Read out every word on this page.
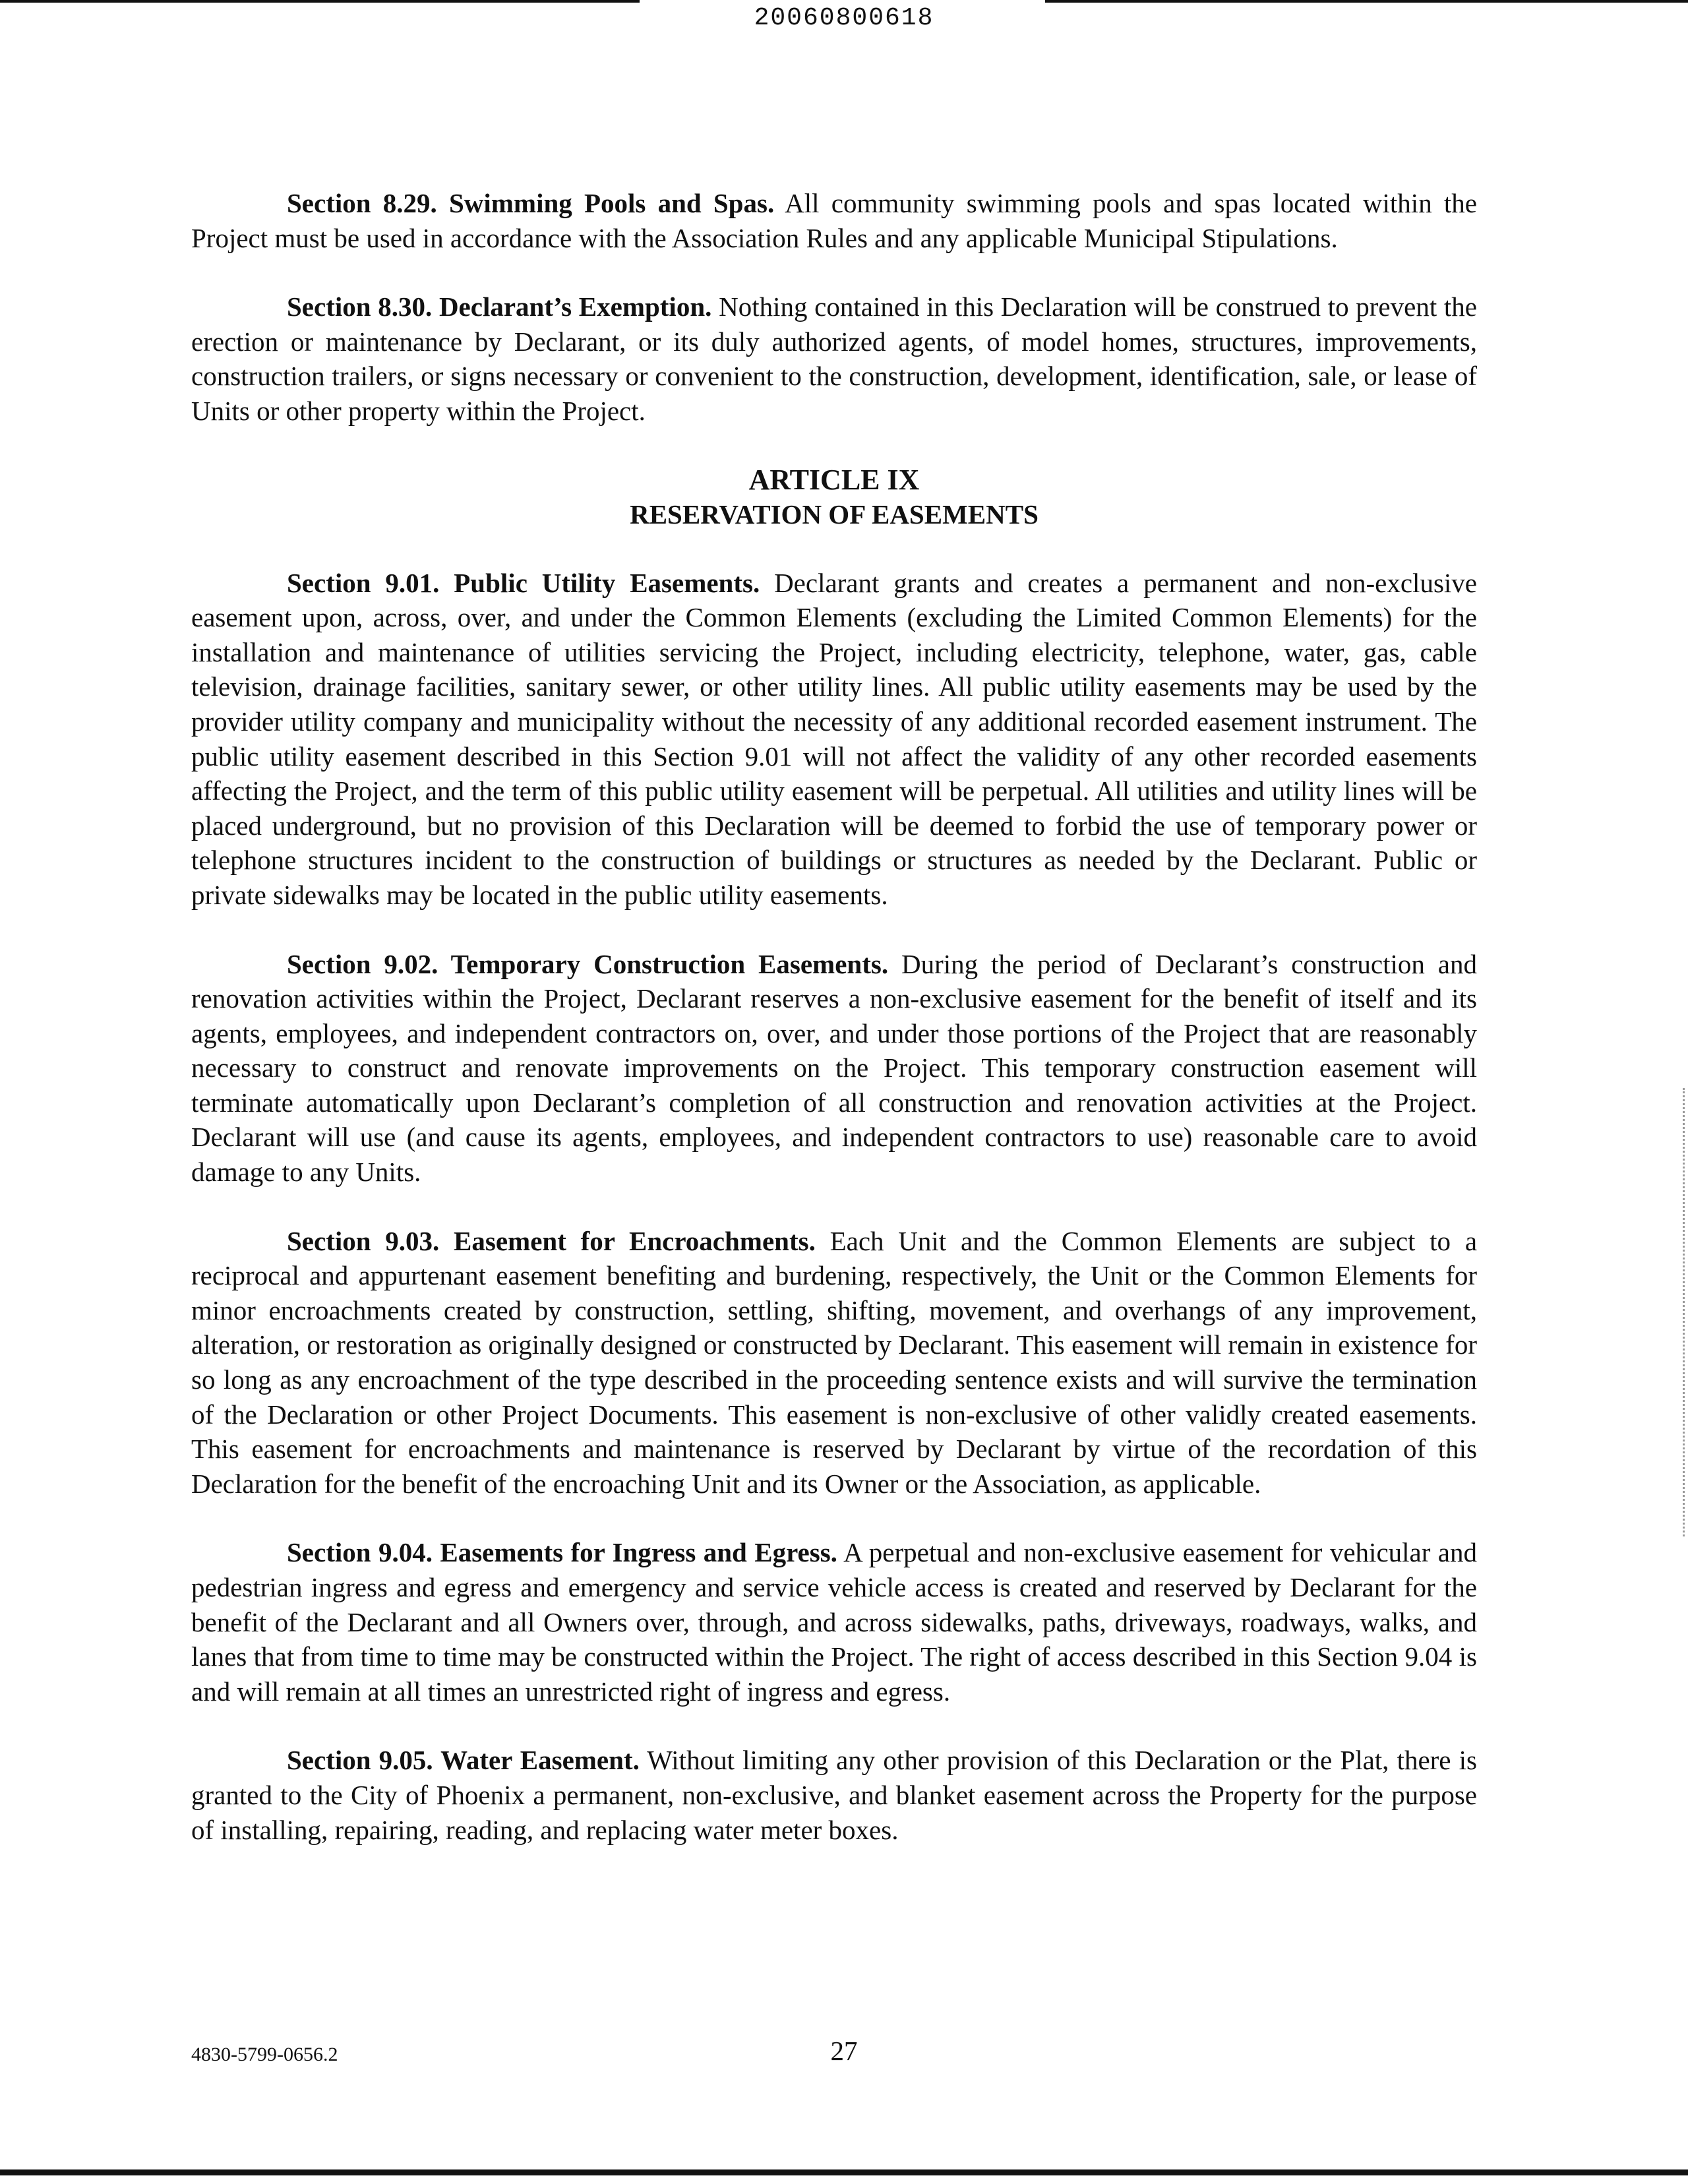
20060800618

Section 8.29. Swimming Pools and Spas. All community swimming pools and spas located within the Project must be used in accordance with the Association Rules and any applicable Municipal Stipulations.

Section 8.30. Declarant’s Exemption. Nothing contained in this Declaration will be construed to prevent the erection or maintenance by Declarant, or its duly authorized agents, of model homes, structures, improvements, construction trailers, or signs necessary or convenient to the construction, development, identification, sale, or lease of Units or other property within the Project.

ARTICLE IX
RESERVATION OF EASEMENTS

Section 9.01. Public Utility Easements. Declarant grants and creates a permanent and non-exclusive easement upon, across, over, and under the Common Elements (excluding the Limited Common Elements) for the installation and maintenance of utilities servicing the Project, including electricity, telephone, water, gas, cable television, drainage facilities, sanitary sewer, or other utility lines. All public utility easements may be used by the provider utility company and municipality without the necessity of any additional recorded easement instrument. The public utility easement described in this Section 9.01 will not affect the validity of any other recorded easements affecting the Project, and the term of this public utility easement will be perpetual. All utilities and utility lines will be placed underground, but no provision of this Declaration will be deemed to forbid the use of temporary power or telephone structures incident to the construction of buildings or structures as needed by the Declarant. Public or private sidewalks may be located in the public utility easements.

Section 9.02. Temporary Construction Easements. During the period of Declarant’s construction and renovation activities within the Project, Declarant reserves a non-exclusive easement for the benefit of itself and its agents, employees, and independent contractors on, over, and under those portions of the Project that are reasonably necessary to construct and renovate improvements on the Project. This temporary construction easement will terminate automatically upon Declarant’s completion of all construction and renovation activities at the Project. Declarant will use (and cause its agents, employees, and independent contractors to use) reasonable care to avoid damage to any Units.

Section 9.03. Easement for Encroachments. Each Unit and the Common Elements are subject to a reciprocal and appurtenant easement benefiting and burdening, respectively, the Unit or the Common Elements for minor encroachments created by construction, settling, shifting, movement, and overhangs of any improvement, alteration, or restoration as originally designed or constructed by Declarant. This easement will remain in existence for so long as any encroachment of the type described in the proceeding sentence exists and will survive the termination of the Declaration or other Project Documents. This easement is non-exclusive of other validly created easements. This easement for encroachments and maintenance is reserved by Declarant by virtue of the recordation of this Declaration for the benefit of the encroaching Unit and its Owner or the Association, as applicable.

Section 9.04. Easements for Ingress and Egress. A perpetual and non-exclusive easement for vehicular and pedestrian ingress and egress and emergency and service vehicle access is created and reserved by Declarant for the benefit of the Declarant and all Owners over, through, and across sidewalks, paths, driveways, roadways, walks, and lanes that from time to time may be constructed within the Project. The right of access described in this Section 9.04 is and will remain at all times an unrestricted right of ingress and egress.

Section 9.05. Water Easement. Without limiting any other provision of this Declaration or the Plat, there is granted to the City of Phoenix a permanent, non-exclusive, and blanket easement across the Property for the purpose of installing, repairing, reading, and replacing water meter boxes.

4830-5799-0656.2	27
